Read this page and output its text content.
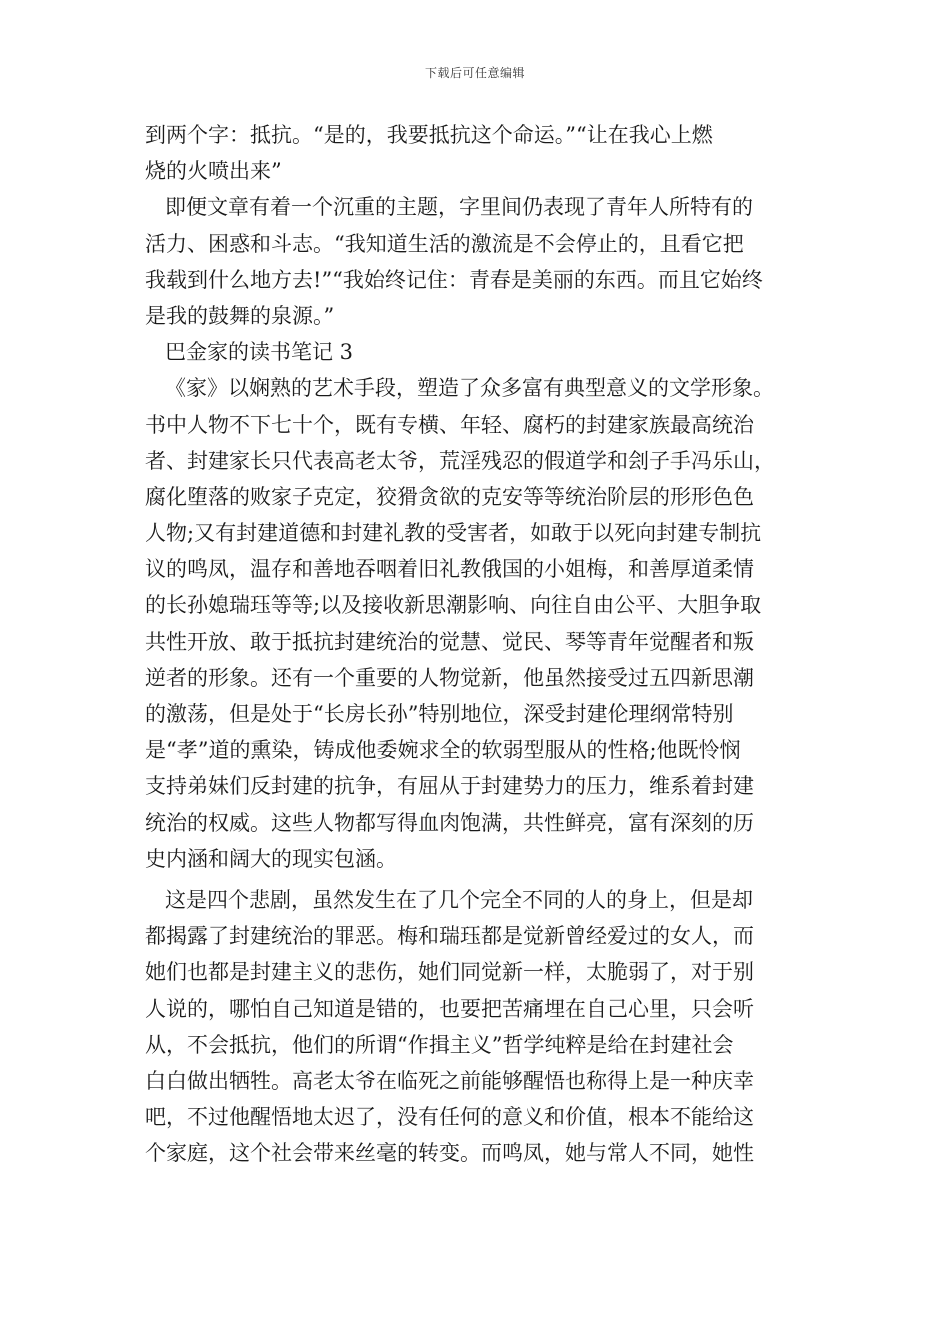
下载后可任意编辑
到两个字：抵抗。“是的，我要抵抗这个命运。”“让在我心上燃
烧的火喷出来”
即便文章有着一个沉重的主题，字里间仍表现了青年人所特有的
活力、困惑和斗志。“我知道生活的激流是不会停止的，且看它把
我载到什么地方去!”“我始终记住：青春是美丽的东西。而且它始终
是我的鼓舞的泉源。”
巴金家的读书笔记 3
《家》以娴熟的艺术手段，塑造了众多富有典型意义的文学形象。
书中人物不下七十个，既有专横、年轻、腐朽的封建家族最高统治
者、封建家长只代表高老太爷，荒淫残忍的假道学和刽子手冯乐山，
腐化堕落的败家子克定，狡猾贪欲的克安等等统治阶层的形形色色
人物;又有封建道德和封建礼教的受害者，如敢于以死向封建专制抗
议的鸣凤，温存和善地吞咽着旧礼教俄国的小姐梅，和善厚道柔情
的长孙媳瑞珏等等;以及接收新思潮影响、向往自由公平、大胆争取
共性开放、敢于抵抗封建统治的觉慧、觉民、琴等青年觉醒者和叛
逆者的形象。还有一个重要的人物觉新，他虽然接受过五四新思潮
的激荡，但是处于“长房长孙”特别地位，深受封建伦理纲常特别
是“孝”道的熏染，铸成他委婉求全的软弱型服从的性格;他既怜悯
支持弟妹们反封建的抗争，有屈从于封建势力的压力，维系着封建
统治的权威。这些人物都写得血肉饱满，共性鲜亮，富有深刻的历
史内涵和阔大的现实包涵。
这是四个悲剧，虽然发生在了几个完全不同的人的身上，但是却
都揭露了封建统治的罪恶。梅和瑞珏都是觉新曾经爱过的女人，而
她们也都是封建主义的悲伤，她们同觉新一样，太脆弱了，对于别
人说的，哪怕自己知道是错的，也要把苦痛埋在自己心里，只会听
从，不会抵抗，他们的所谓“作揖主义”哲学纯粹是给在封建社会
白白做出牺牲。高老太爷在临死之前能够醒悟也称得上是一种庆幸
吧，不过他醒悟地太迟了，没有任何的意义和价值，根本不能给这
个家庭，这个社会带来丝毫的转变。而鸣凤，她与常人不同，她性
